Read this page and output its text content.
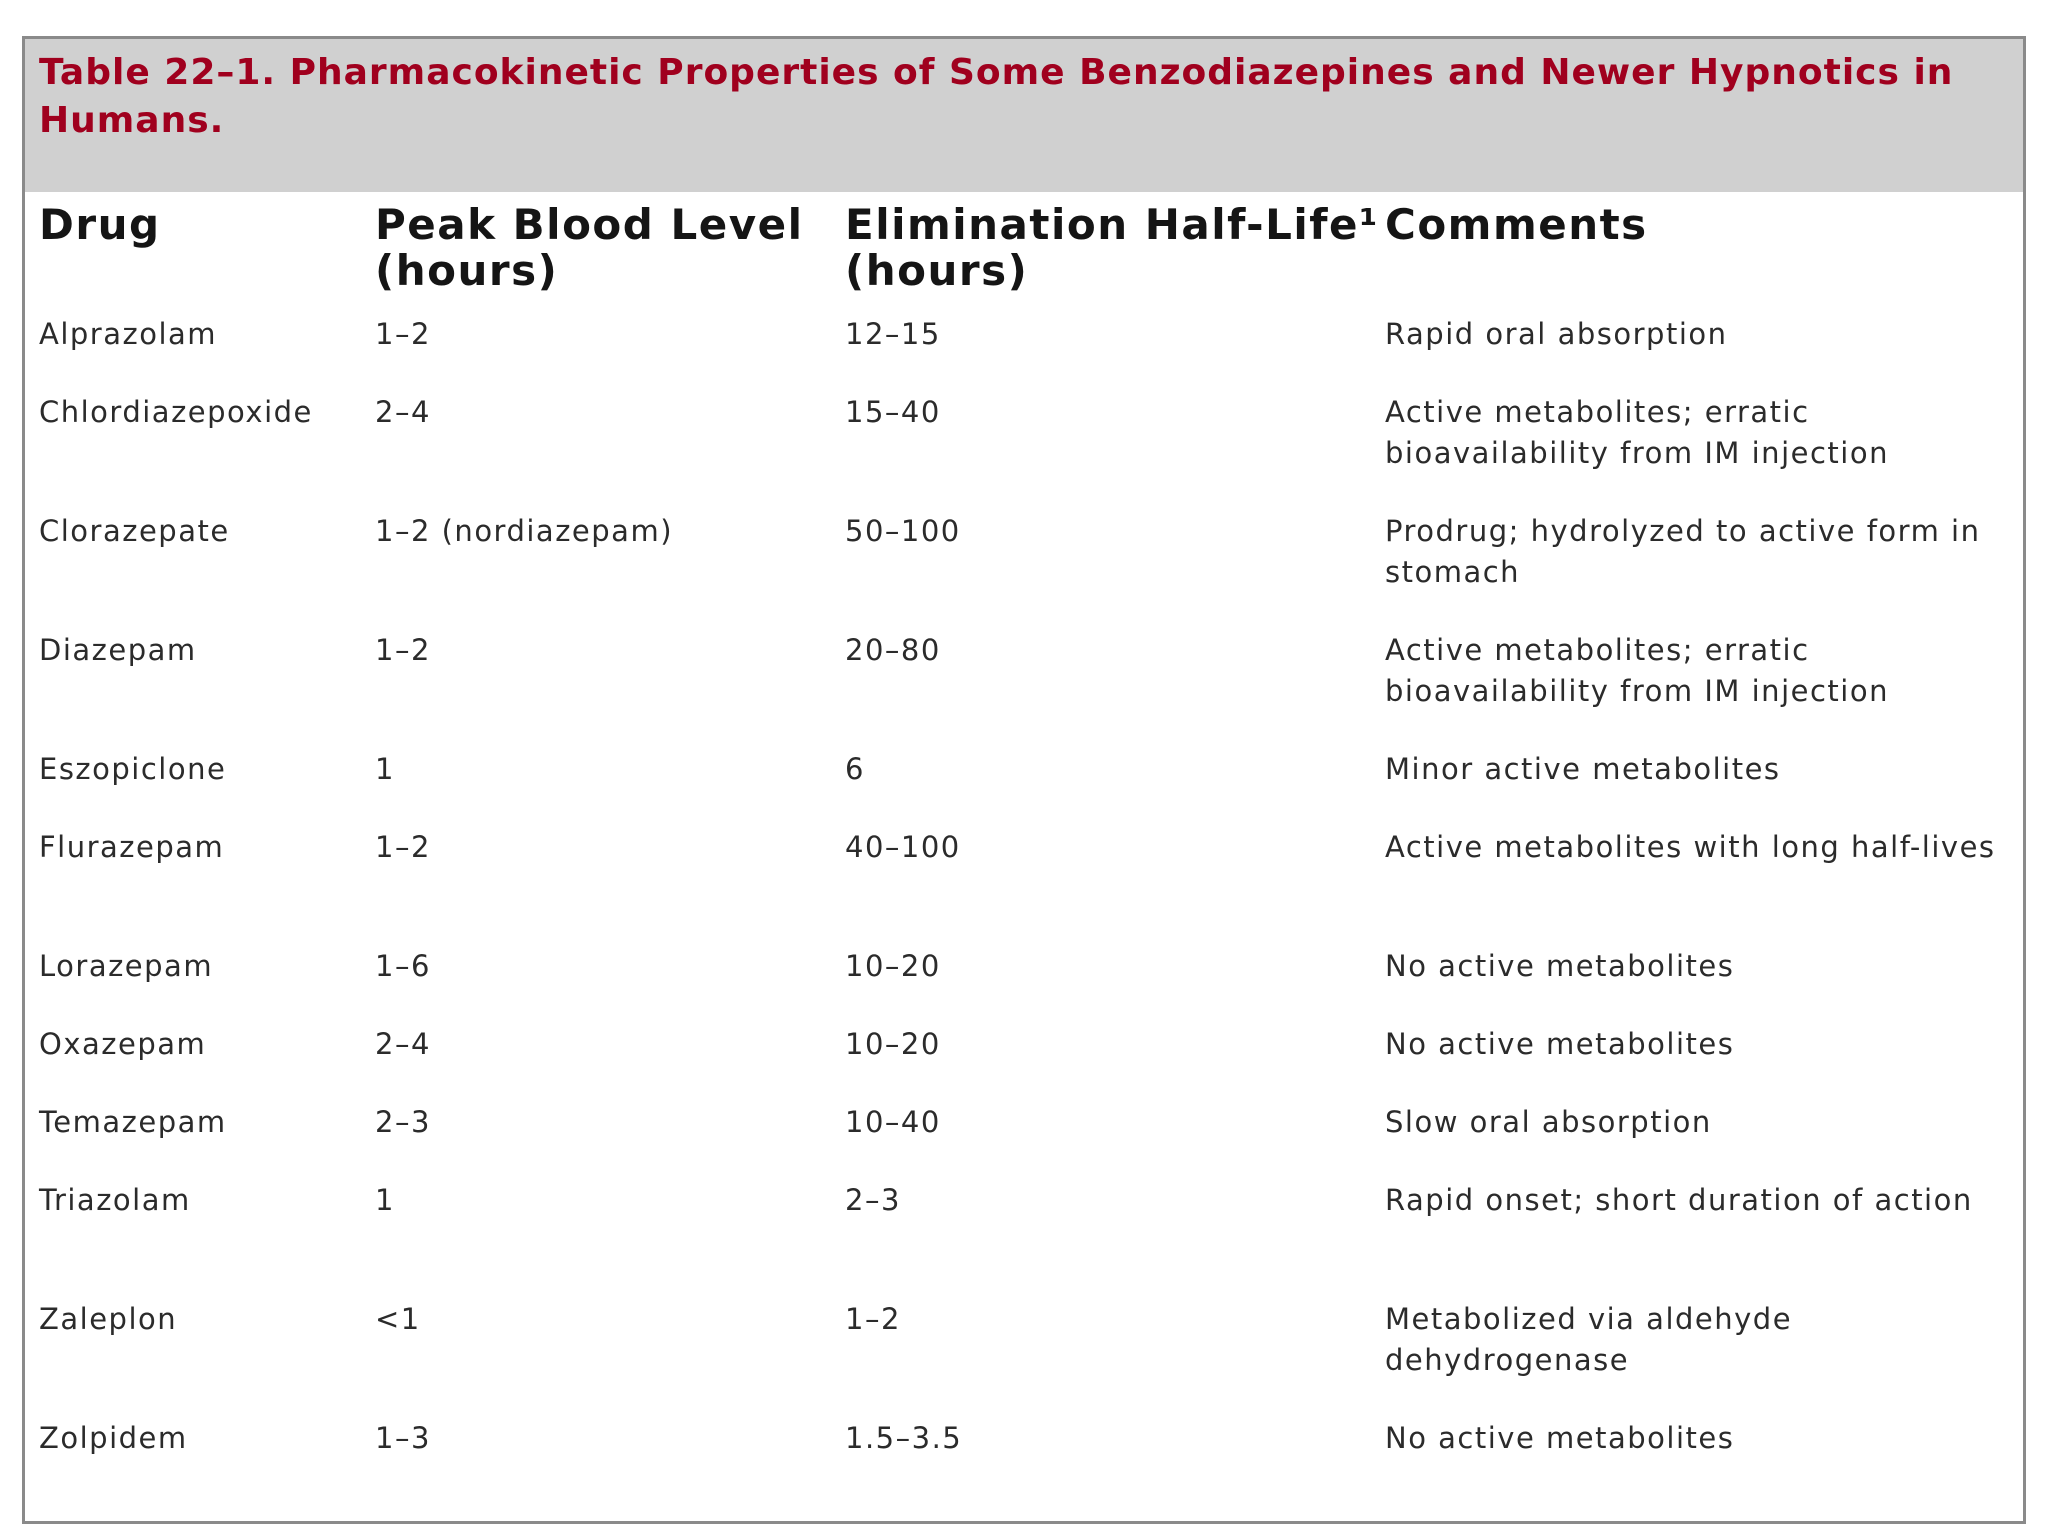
Table 22–1. Pharmacokinetic Properties of Some Benzodiazepines and Newer Hypnotics in Humans.
Drug	Peak Blood Level (hours)	Elimination Half-Life¹ (hours)	Comments
Alprazolam	1–2	12–15	Rapid oral absorption
Chlordiazepoxide	2–4	15–40	Active metabolites; erratic bioavailability from IM injection
Clorazepate	1–2 (nordiazepam)	50–100	Prodrug; hydrolyzed to active form in stomach
Diazepam	1–2	20–80	Active metabolites; erratic bioavailability from IM injection
Eszopiclone	1	6	Minor active metabolites
Flurazepam	1–2	40–100	Active metabolites with long half-lives
Lorazepam	1–6	10–20	No active metabolites
Oxazepam	2–4	10–20	No active metabolites
Temazepam	2–3	10–40	Slow oral absorption
Triazolam	1	2–3	Rapid onset; short duration of action
Zaleplon	<1	1–2	Metabolized via aldehyde dehydrogenase
Zolpidem	1–3	1.5–3.5	No active metabolites
